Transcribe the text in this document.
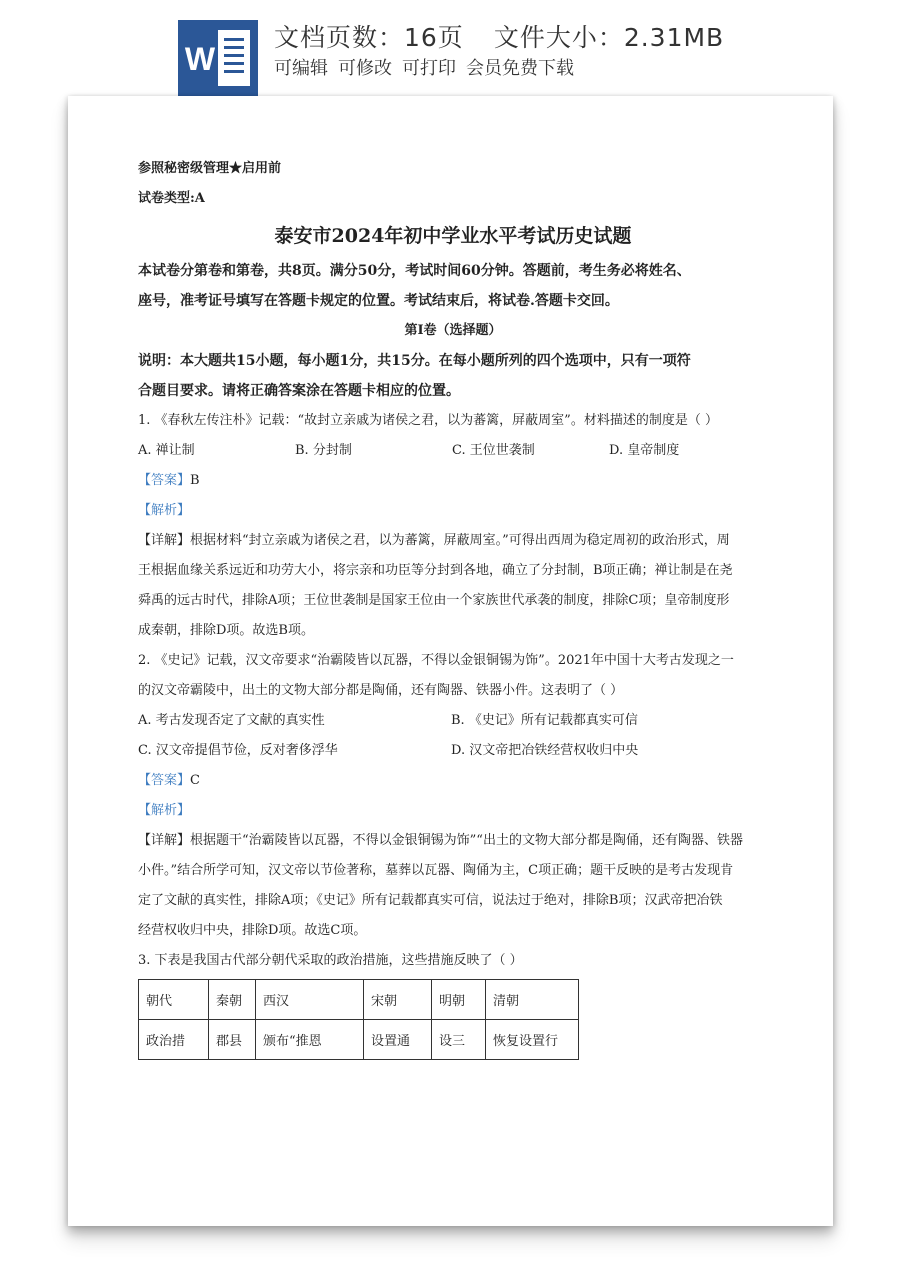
W
文档页数：16页 文件大小：2.31MB
可编辑 可修改 可打印 会员免费下载
参照秘密级管理★启用前
试卷类型:A
泰安市2024年初中学业水平考试历史试题
本试卷分第卷和第卷，共8页。满分50分，考试时间60分钟。答题前，考生务必将姓名、
座号，准考证号填写在答题卡规定的位置。考试结束后，将试卷.答题卡交回。
第I卷（选择题）
说明：本大题共15小题，每小题1分，共15分。在每小题所列的四个选项中，只有一项符
合题目要求。请将正确答案涂在答题卡相应的位置。
1. 《春秋左传注朴》记载：“故封立亲戚为诸侯之君，以为蕃篱，屏蔽周室”。材料描述的制度是（ ）
A. 禅让制	B. 分封制	C. 王位世袭制	D. 皇帝制度
【答案】B
【解析】
【详解】根据材料“封立亲戚为诸侯之君，以为蕃篱，屏蔽周室。”可得出西周为稳定周初的政治形式，周
王根据血缘关系远近和功劳大小，将宗亲和功臣等分封到各地，确立了分封制，B项正确；禅让制是在尧
舜禹的远古时代，排除A项；王位世袭制是国家王位由一个家族世代承袭的制度，排除C项；皇帝制度形
成秦朝，排除D项。故选B项。
2. 《史记》记载，汉文帝要求“治霸陵皆以瓦器，不得以金银铜锡为饰”。2021年中国十大考古发现之一
的汉文帝霸陵中，出土的文物大部分都是陶俑，还有陶器、铁器小件。这表明了（ ）
A. 考古发现否定了文献的真实性	B. 《史记》所有记载都真实可信
C. 汉文帝提倡节俭，反对奢侈浮华	D. 汉文帝把冶铁经营权收归中央
【答案】C
【解析】
【详解】根据题干“治霸陵皆以瓦器，不得以金银铜锡为饰”“出土的文物大部分都是陶俑，还有陶器、铁器
小件。”结合所学可知，汉文帝以节俭著称，墓葬以瓦器、陶俑为主，C项正确；题干反映的是考古发现肯
定了文献的真实性，排除A项；《史记》所有记载都真实可信，说法过于绝对，排除B项；汉武帝把冶铁
经营权收归中央，排除D项。故选C项。
3. 下表是我国古代部分朝代采取的政治措施，这些措施反映了（ ）
朝代	秦朝	西汉	宋朝	明朝	清朝
政治措	郡县	颁布“推恩	设置通	设三	恢复设置行
